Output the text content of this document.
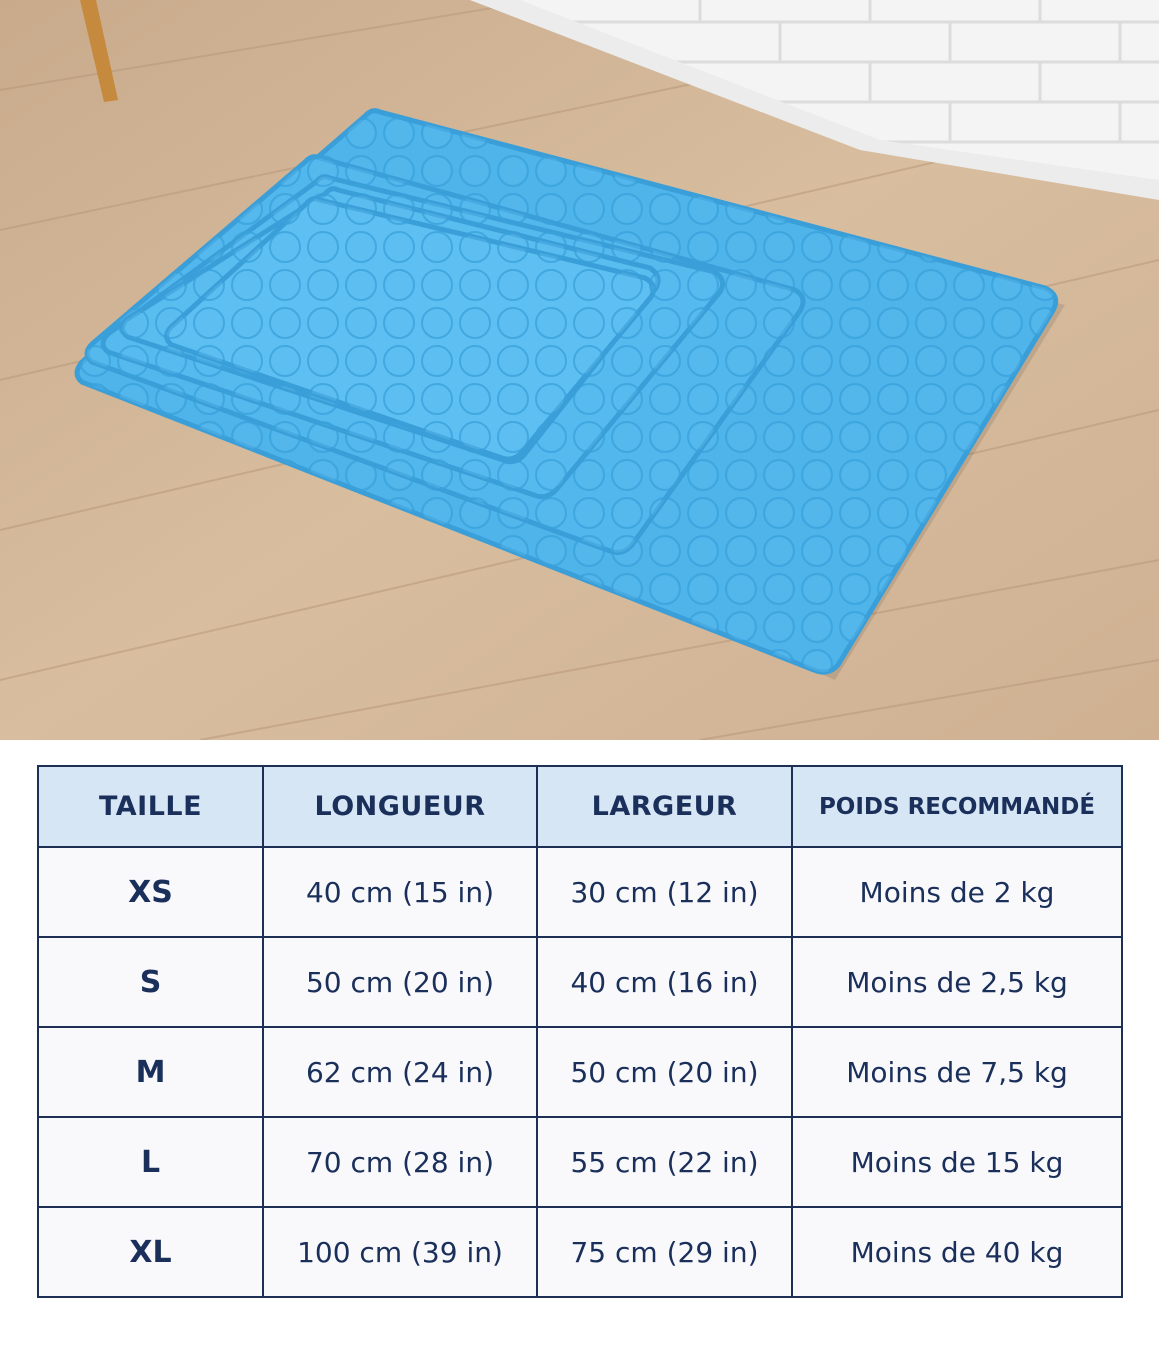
TAILLE	LONGUEUR	LARGEUR	POIDS RECOMMANDÉ
XS	40 cm (15 in)	30 cm (12 in)	Moins de 2 kg
S	50 cm (20 in)	40 cm (16 in)	Moins de 2,5 kg
M	62 cm (24 in)	50 cm (20 in)	Moins de 7,5 kg
L	70 cm (28 in)	55 cm (22 in)	Moins de 15 kg
XL	100 cm (39 in)	75 cm (29 in)	Moins de 40 kg
